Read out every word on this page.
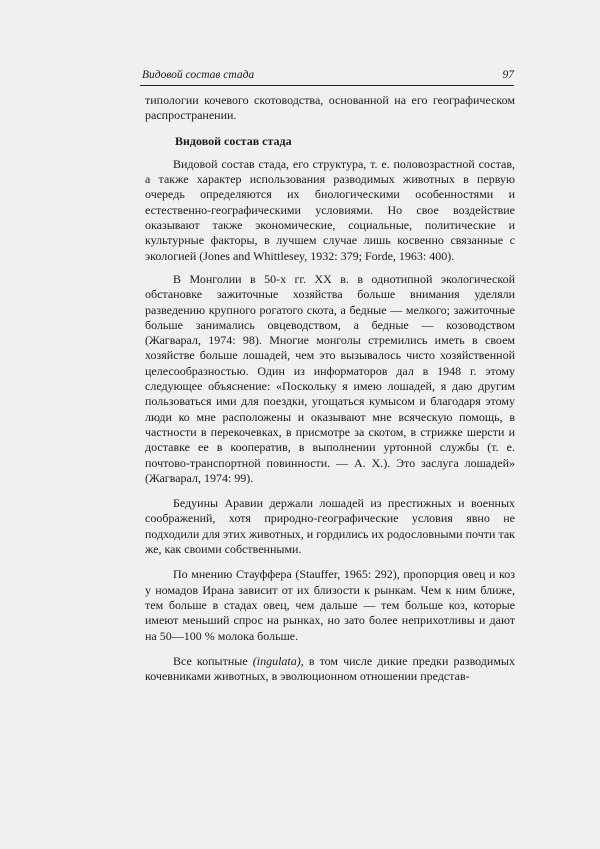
Видовой состав стада	97

типологии кочевого скотоводства, основанной на его географическом распространении.

Видовой состав стада

Видовой состав стада, его структура, т. е. половозрастной состав, а также характер использования разводимых животных в первую очередь определяются их биологическими особенностями и естественно-географическими условиями. Но свое воздействие оказывают также экономические, социальные, политические и культурные факторы, в лучшем случае лишь косвенно связанные с экологией (Jones and Whittlesey, 1932: 379; Forde, 1963: 400).

В Монголии в 50-х гг. XX в. в однотипной экологической обстановке зажиточные хозяйства больше внимания уделяли разведению крупного рогатого скота, а бедные — мелкого; зажиточные больше занимались овцеводством, а бедные — козоводством (Жагварал, 1974: 98). Многие монголы стремились иметь в своем хозяйстве больше лошадей, чем это вызывалось чисто хозяйственной целесообразностью. Один из информаторов дал в 1948 г. этому следующее объяснение: «Поскольку я имею лошадей, я даю другим пользоваться ими для поездки, угощаться кумысом и благодаря этому люди ко мне расположены и оказывают мне всяческую помощь, в частности в перекочевках, в присмотре за скотом, в стрижке шерсти и доставке ее в кооператив, в выполнении уртонной службы (т. е. почтово-транспортной повинности. — А. Х.). Это заслуга лошадей» (Жагварал, 1974: 99).

Бедуины Аравии держали лошадей из престижных и военных соображений, хотя природно-географические условия явно не подходили для этих животных, и гордились их родословными почти так же, как своими собственными.

По мнению Стауффера (Stauffer, 1965: 292), пропорция овец и коз у номадов Ирана зависит от их близости к рынкам. Чем к ним ближе, тем больше в стадах овец, чем дальше — тем больше коз, которые имеют меньший спрос на рынках, но зато более неприхотливы и дают на 50—100 % молока больше.

Все копытные (ingulata), в том числе дикие предки разводимых кочевниками животных, в эволюционном отношении представ-
